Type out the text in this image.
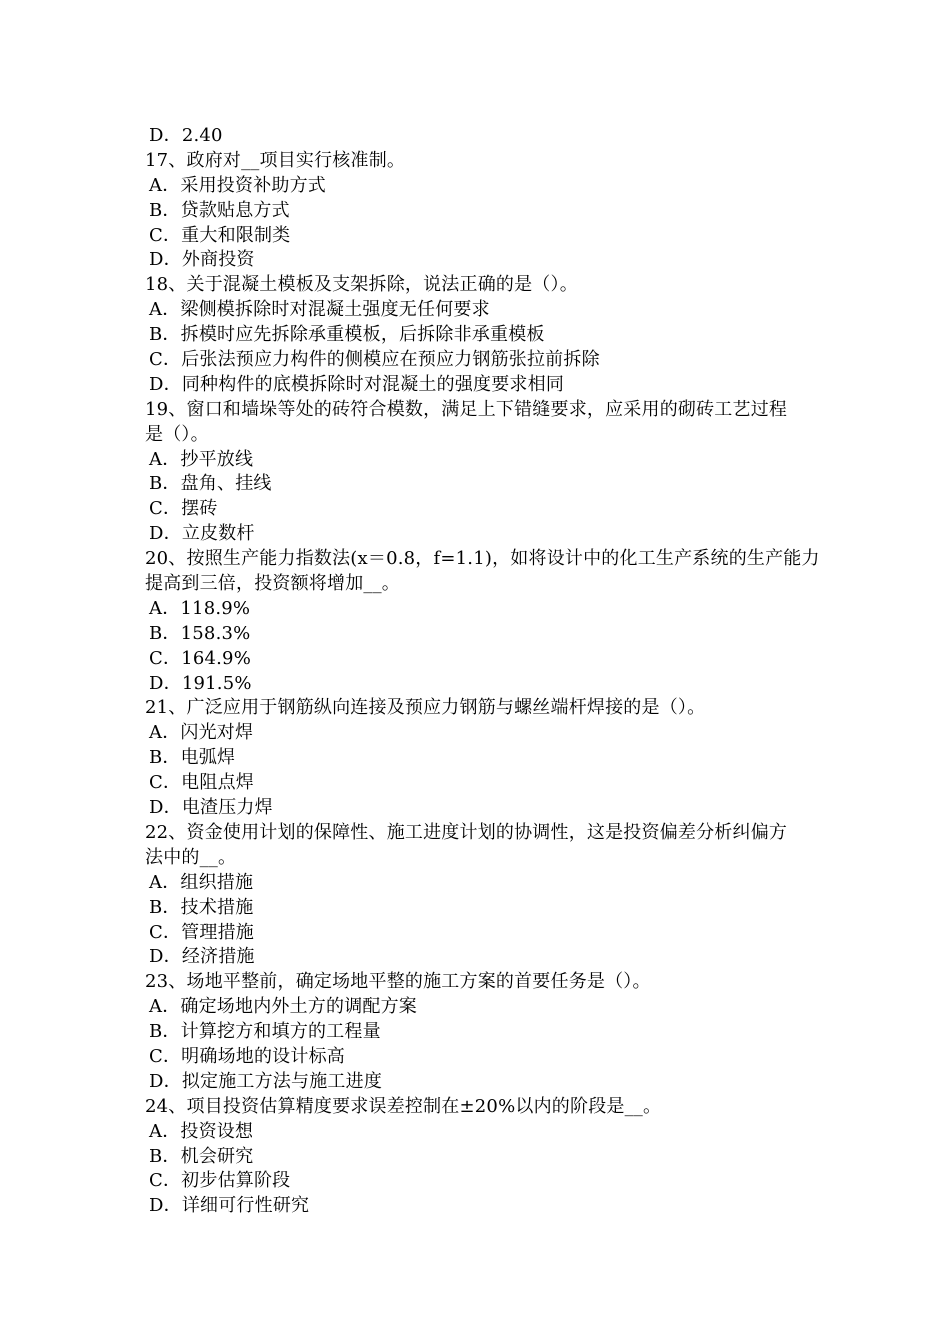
D．2.40
17、政府对__项目实行核准制。
A．采用投资补助方式
B．贷款贴息方式
C．重大和限制类
D．外商投资
18、关于混凝土模板及支架拆除，说法正确的是（）。
A．梁侧模拆除时对混凝土强度无任何要求
B．拆模时应先拆除承重模板，后拆除非承重模板
C．后张法预应力构件的侧模应在预应力钢筋张拉前拆除
D．同种构件的底模拆除时对混凝土的强度要求相同
19、窗口和墙垛等处的砖符合模数，满足上下错缝要求，应采用的砌砖工艺过程
是（）。
A．抄平放线
B．盘角、挂线
C．摆砖
D．立皮数杆
20、按照生产能力指数法(x＝0.8，f=1.1)，如将设计中的化工生产系统的生产能力
提高到三倍，投资额将增加__。
A．118.9%
B．158.3%
C．164.9%
D．191.5%
21、广泛应用于钢筋纵向连接及预应力钢筋与螺丝端杆焊接的是（）。
A．闪光对焊
B．电弧焊
C．电阻点焊
D．电渣压力焊
22、资金使用计划的保障性、施工进度计划的协调性，这是投资偏差分析纠偏方
法中的__。
A．组织措施
B．技术措施
C．管理措施
D．经济措施
23、场地平整前，确定场地平整的施工方案的首要任务是（）。
A．确定场地内外土方的调配方案
B．计算挖方和填方的工程量
C．明确场地的设计标高
D．拟定施工方法与施工进度
24、项目投资估算精度要求误差控制在±20%以内的阶段是__。
A．投资设想
B．机会研究
C．初步估算阶段
D．详细可行性研究
